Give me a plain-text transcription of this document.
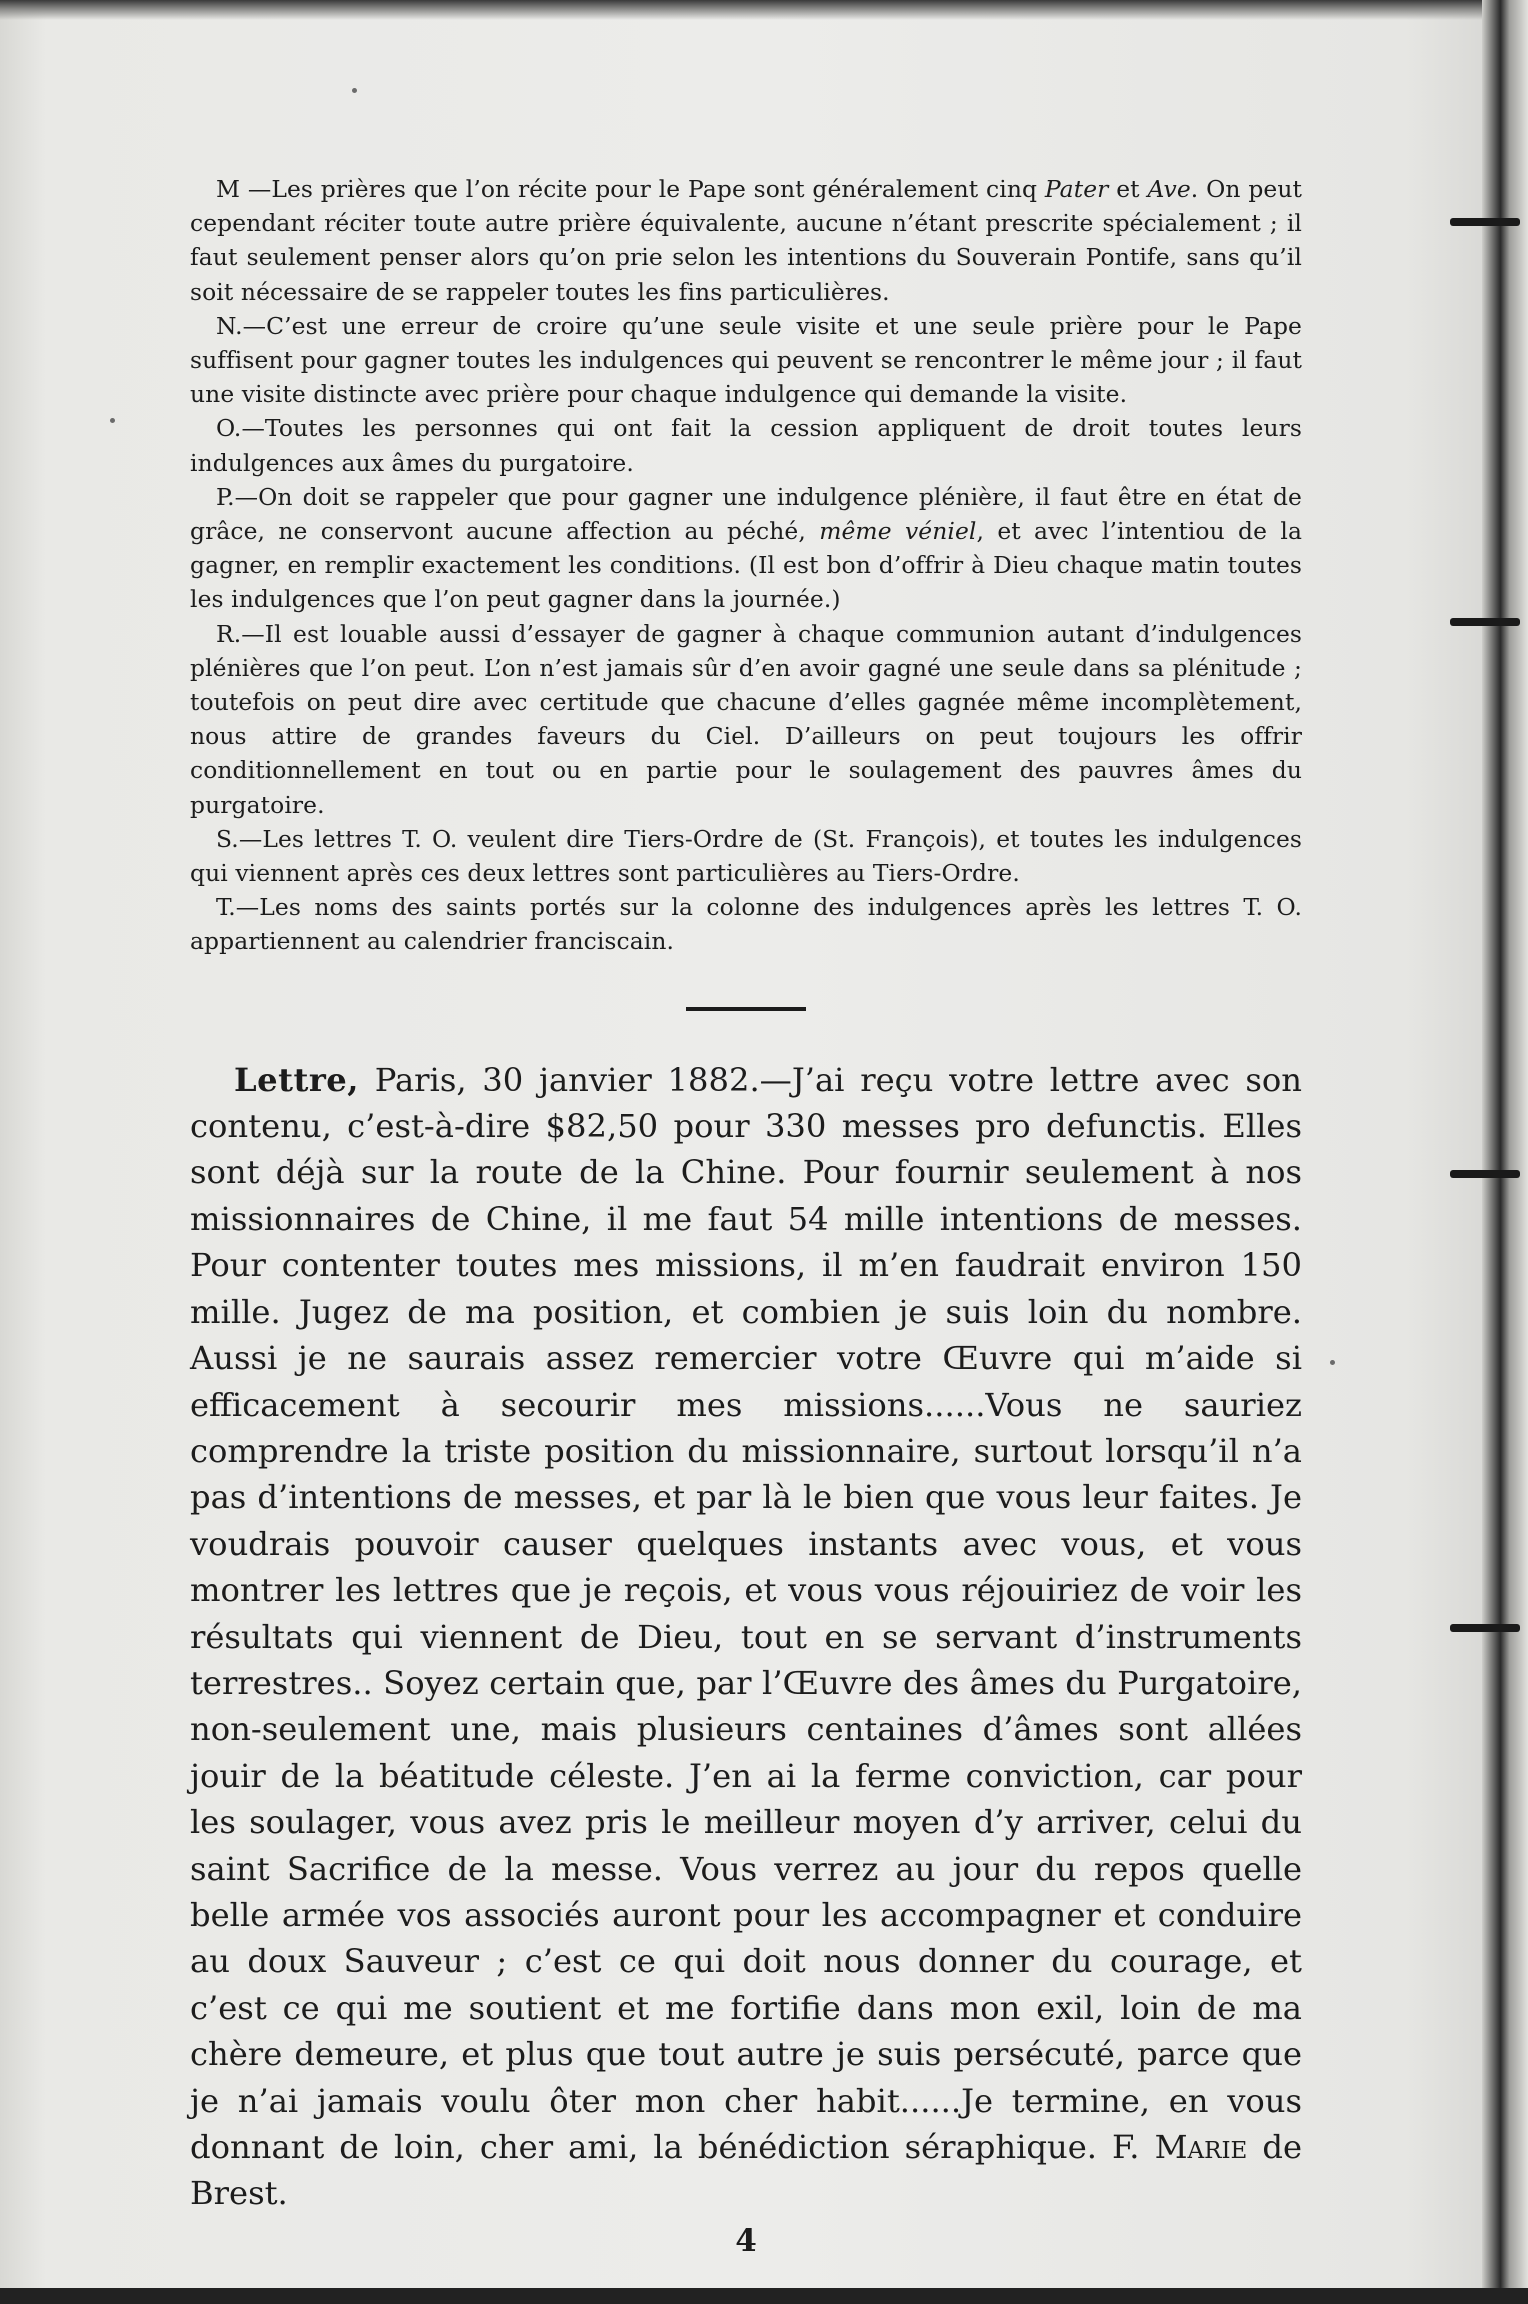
M —Les prières que l’on récite pour le Pape sont généralement cinq Pater et Ave. On peut cependant réciter toute autre prière équivalente, aucune n’étant prescrite spécialement ; il faut seulement penser alors qu’on prie selon les intentions du Souverain Pontife, sans qu’il soit nécessaire de se rappeler toutes les fins particulières.

N.—C’est une erreur de croire qu’une seule visite et une seule prière pour le Pape suffisent pour gagner toutes les indulgences qui peuvent se rencontrer le même jour ; il faut une visite distincte avec prière pour chaque indulgence qui demande la visite.

O.—Toutes les personnes qui ont fait la cession appliquent de droit toutes leurs indulgences aux âmes du purgatoire.

P.—On doit se rappeler que pour gagner une indulgence plénière, il faut être en état de grâce, ne conservont aucune affection au péché, même véniel, et avec l’intentiou de la gagner, en remplir exactement les conditions. (Il est bon d’offrir à Dieu chaque matin toutes les indulgences que l’on peut gagner dans la journée.)

R.—Il est louable aussi d’essayer de gagner à chaque communion autant d’indulgences plénières que l’on peut. L’on n’est jamais sûr d’en avoir gagné une seule dans sa plénitude ; toutefois on peut dire avec certitude que chacune d’elles gagnée même incomplètement, nous attire de grandes faveurs du Ciel. D’ailleurs on peut toujours les offrir conditionnellement en tout ou en partie pour le soulagement des pauvres âmes du purgatoire.

S.—Les lettres T. O. veulent dire Tiers-Ordre de (St. François), et toutes les indulgences qui viennent après ces deux lettres sont particulières au Tiers-Ordre.

T.—Les noms des saints portés sur la colonne des indulgences après les lettres T. O. appartiennent au calendrier franciscain.

Lettre, Paris, 30 janvier 1882.—J’ai reçu votre lettre avec son contenu, c’est-à-dire $82,50 pour 330 messes pro defunctis. Elles sont déjà sur la route de la Chine. Pour fournir seulement à nos missionnaires de Chine, il me faut 54 mille intentions de messes. Pour contenter toutes mes missions, il m’en faudrait environ 150 mille. Jugez de ma position, et combien je suis loin du nombre. Aussi je ne saurais assez remercier votre Œuvre qui m’aide si efficacement à secourir mes missions......Vous ne sauriez comprendre la triste position du missionnaire, surtout lorsqu’il n’a pas d’intentions de messes, et par là le bien que vous leur faites. Je voudrais pouvoir causer quelques instants avec vous, et vous montrer les lettres que je reçois, et vous vous réjouiriez de voir les résultats qui viennent de Dieu, tout en se servant d’instruments terrestres.. Soyez certain que, par l’Œuvre des âmes du Purgatoire, non-seulement une, mais plusieurs centaines d’âmes sont allées jouir de la béatitude céleste. J’en ai la ferme conviction, car pour les soulager, vous avez pris le meilleur moyen d’y arriver, celui du saint Sacrifice de la messe. Vous verrez au jour du repos quelle belle armée vos associés auront pour les accompagner et conduire au doux Sauveur ; c’est ce qui doit nous donner du courage, et c’est ce qui me soutient et me fortifie dans mon exil, loin de ma chère demeure, et plus que tout autre je suis persécuté, parce que je n’ai jamais voulu ôter mon cher habit......Je termine, en vous donnant de loin, cher ami, la bénédiction séraphique. F. Marie de Brest.

4
